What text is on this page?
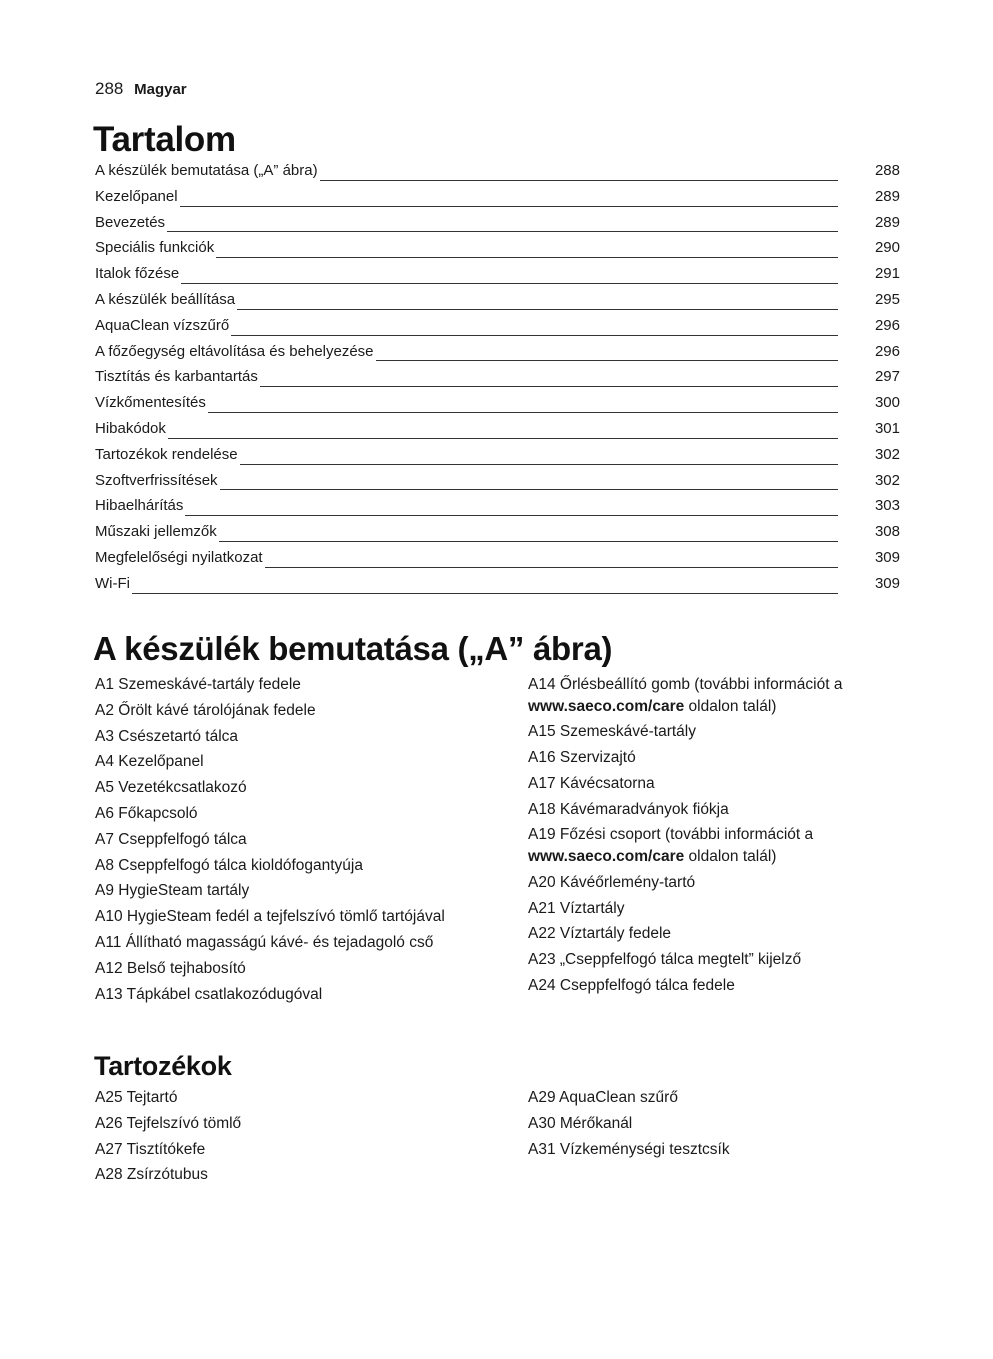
288 Magyar
Tartalom
A készülék bemutatása („A” ábra)	288
Kezelőpanel	289
Bevezetés	289
Speciális funkciók	290
Italok főzése	291
A készülék beállítása	295
AquaClean vízszűrő	296
A főzőegység eltávolítása és behelyezése	296
Tisztítás és karbantartás	297
Vízkőmentesítés	300
Hibakódok	301
Tartozékok rendelése	302
Szoftverfrissítések	302
Hibaelhárítás	303
Műszaki jellemzők	308
Megfelelőségi nyilatkozat	309
Wi-Fi	309
A készülék bemutatása („A” ábra)
A1 Szemeskávé-tartály fedele
A2 Őrölt kávé tárolójának fedele
A3 Csészetartó tálca
A4 Kezelőpanel
A5 Vezetékcsatlakozó
A6 Főkapcsoló
A7 Cseppfelfogó tálca
A8 Cseppfelfogó tálca kioldófogantyúja
A9 HygieSteam tartály
A10 HygieSteam fedél a tejfelszívó tömlő tartójával
A11 Állítható magasságú kávé- és tejadagoló cső
A12 Belső tejhabosító
A13 Tápkábel csatlakozódugóval
A14 Őrlésbeállító gomb (további információt a
www.saeco.com/care oldalon talál)
A15 Szemeskávé-tartály
A16 Szervizajtó
A17 Kávécsatorna
A18 Kávémaradványok fiókja
A19 Főzési csoport (további információt a
www.saeco.com/care oldalon talál)
A20 Kávéőrlemény-tartó
A21 Víztartály
A22 Víztartály fedele
A23 „Cseppfelfogó tálca megtelt” kijelző
A24 Cseppfelfogó tálca fedele
Tartozékok
A25 Tejtartó
A26 Tejfelszívó tömlő
A27 Tisztítókefe
A28 Zsírzótubus
A29 AquaClean szűrő
A30 Mérőkanál
A31 Vízkeménységi tesztcsík
